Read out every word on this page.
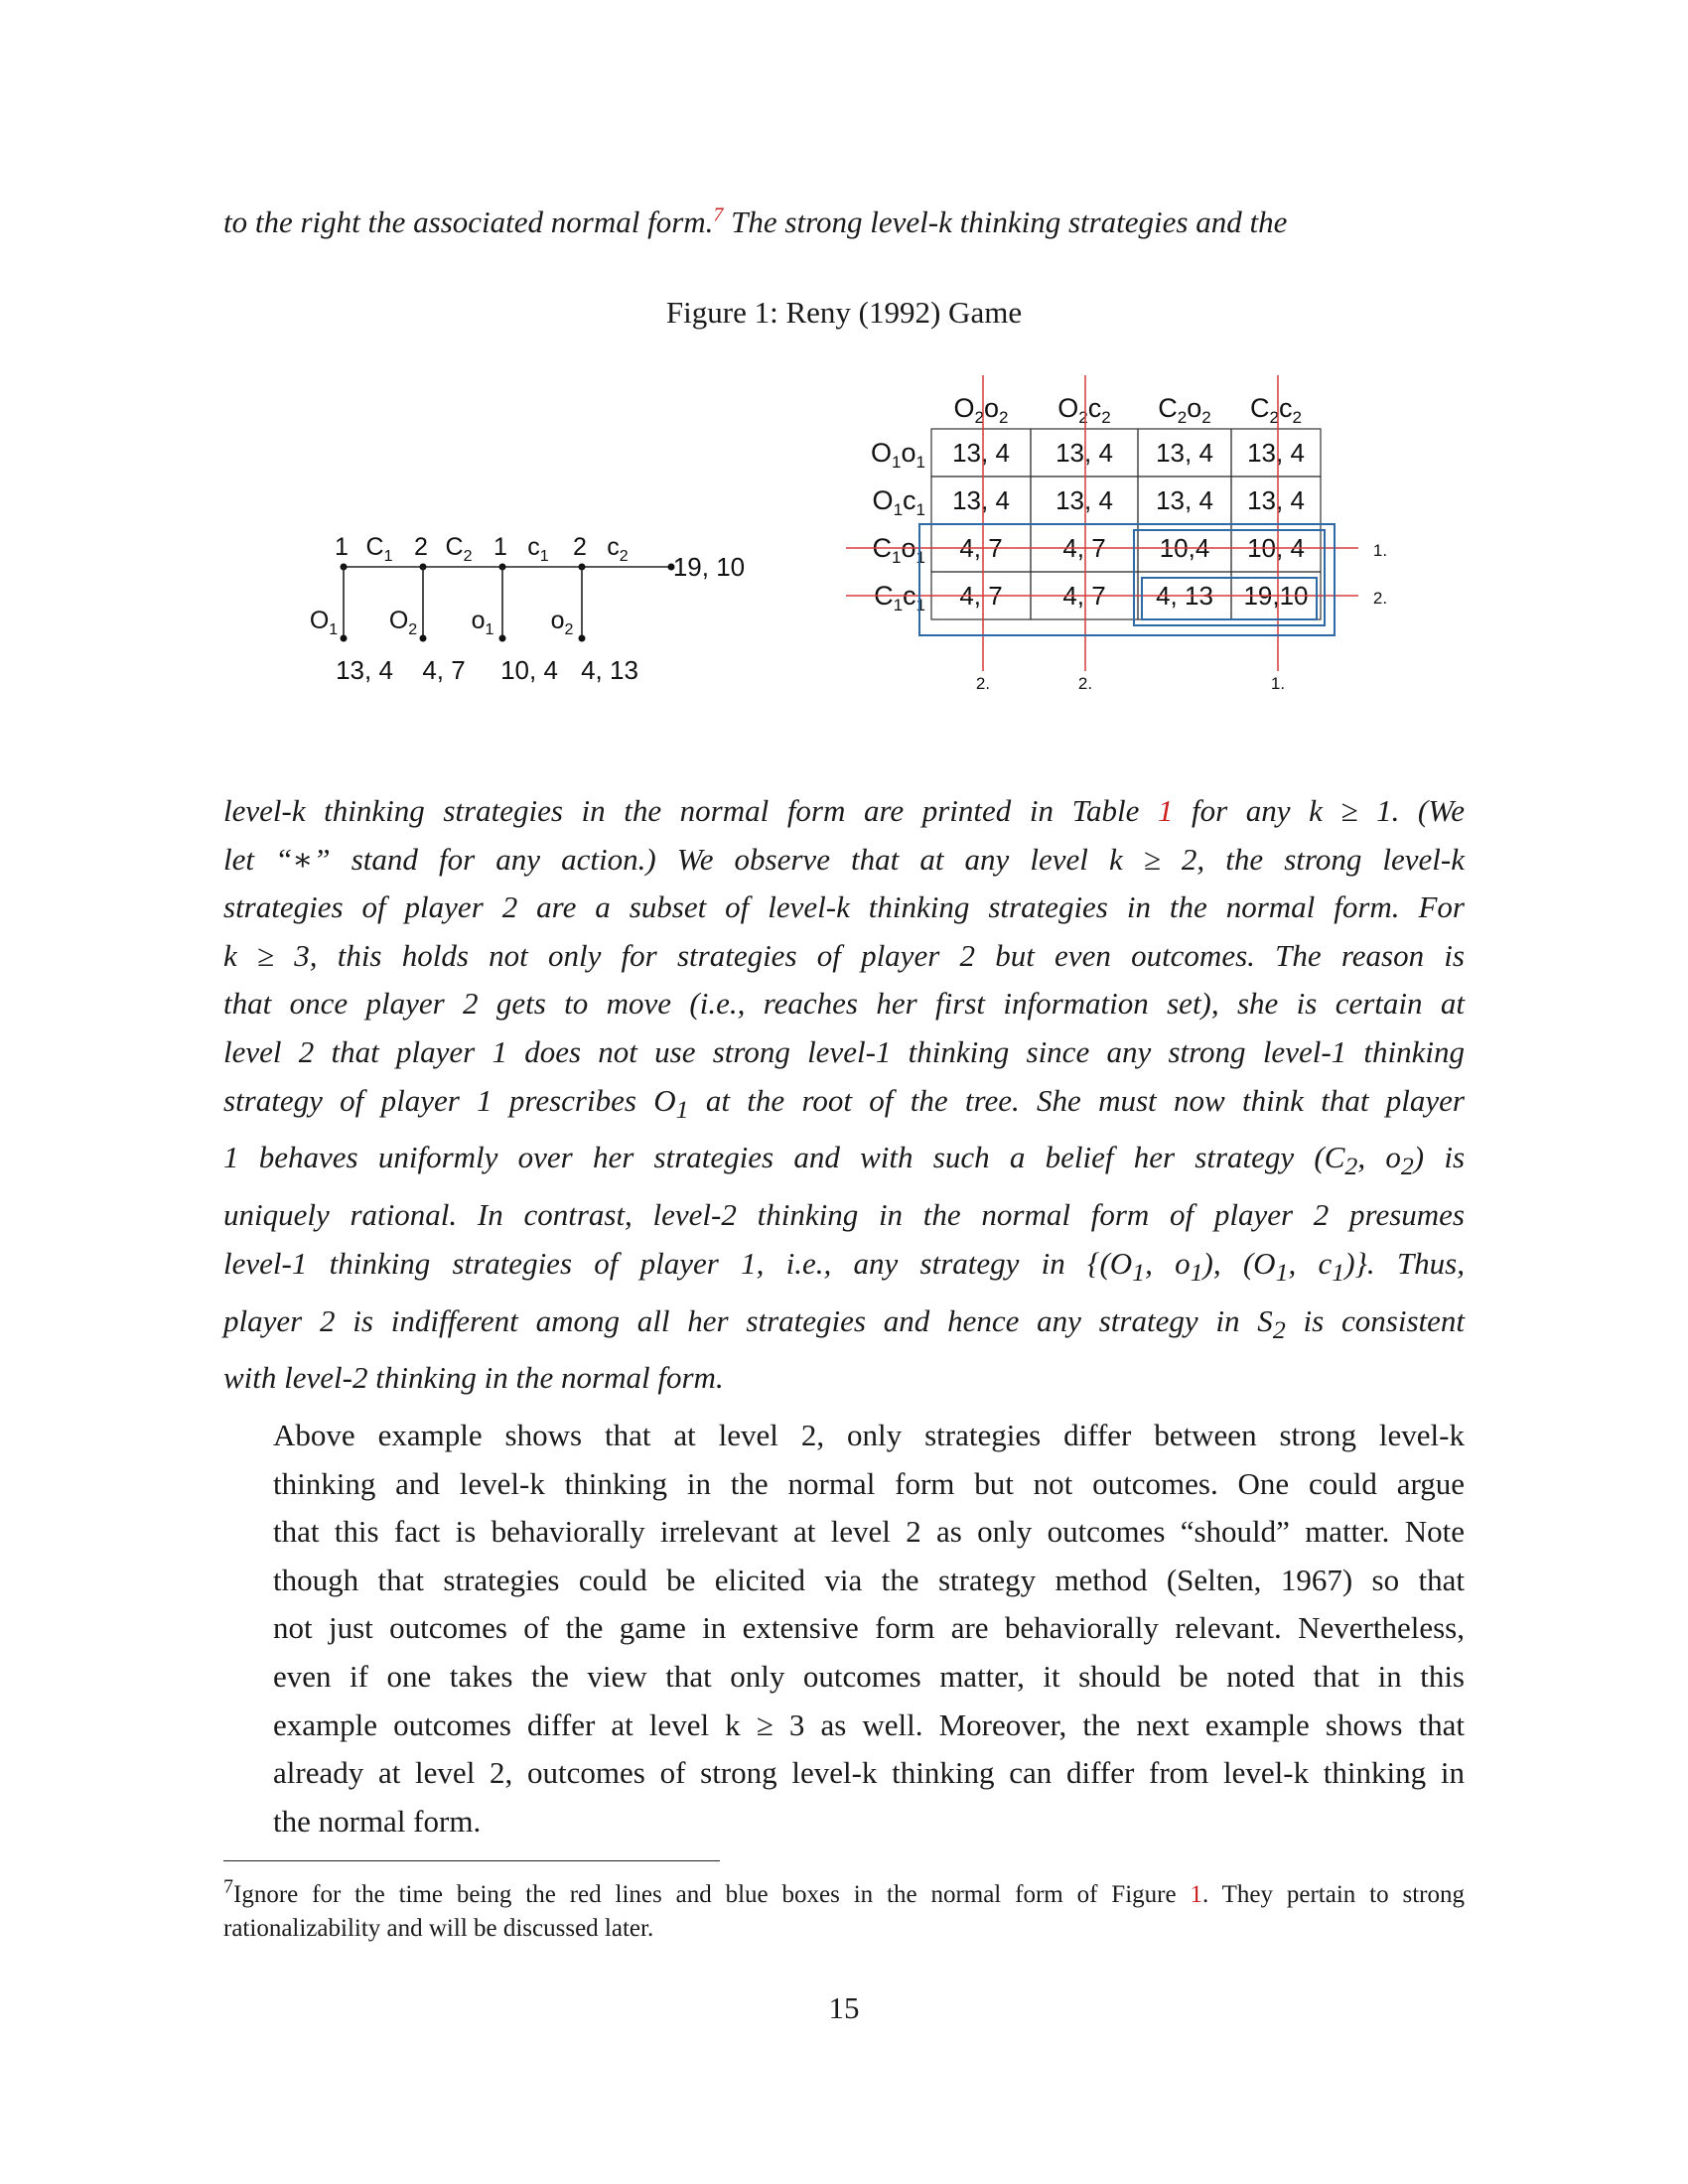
to the right the associated normal form.$^7$ The strong level-k thinking strategies and the

Figure 1: Reny (1992) Game
1 $C_1$
$O_1$
2 $C_2$
$O_2$
1 $c_1$
$o_1$
2 $c_2$
$o_2$
13, 4 4, 7 10, 4 4, 13
19, 10
$O_2o_2$ $O_2c_2$ $C_2o_2$ $C_2c_2$
$O_1o_1$
$O_1c_1$
$C_1o_1$
$C_1c_1$
13, 4 13, 4 13, 4 13, 4
13, 4 13, 4 13, 4 13, 4
4, 7 4, 7 10,4 10, 4
4, 7 4, 7 4, 13 19,10
1.
2.
2.	2.	1.

level-k thinking strategies in the normal form are printed in Table 1 for any k ≥ 1. (We
let “∗” stand for any action.) We observe that at any level k ≥ 2, the strong level-k
strategies of player 2 are a subset of level-k thinking strategies in the normal form. For
k ≥ 3, this holds not only for strategies of player 2 but even outcomes. The reason is
that once player 2 gets to move (i.e., reaches her first information set), she is certain at
level 2 that player 1 does not use strong level-1 thinking since any strong level-1 thinking
strategy of player 1 prescribes $O_1$ at the root of the tree. She must now think that player
1 behaves uniformly over her strategies and with such a belief her strategy ($C_2$, $o_2$) is
uniquely rational. In contrast, level-2 thinking in the normal form of player 2 presumes
level-1 thinking strategies of player 1, i.e., any strategy in {($O_1$, $o_1$), ($O_1$, $c_1$)}. Thus,
player 2 is indifferent among all her strategies and hence any strategy in $S_2$ is consistent
with level-2 thinking in the normal form.

Above example shows that at level 2, only strategies differ between strong level-k
thinking and level-k thinking in the normal form but not outcomes. One could argue
that this fact is behaviorally irrelevant at level 2 as only outcomes “should” matter. Note
though that strategies could be elicited via the strategy method (Selten, 1967) so that
not just outcomes of the game in extensive form are behaviorally relevant. Nevertheless,
even if one takes the view that only outcomes matter, it should be noted that in this
example outcomes differ at level k ≥ 3 as well. Moreover, the next example shows that
already at level 2, outcomes of strong level-k thinking can differ from level-k thinking in
the normal form.

$^7$Ignore for the time being the red lines and blue boxes in the normal form of Figure 1. They pertain to strong rationalizability and will be discussed later.

15
